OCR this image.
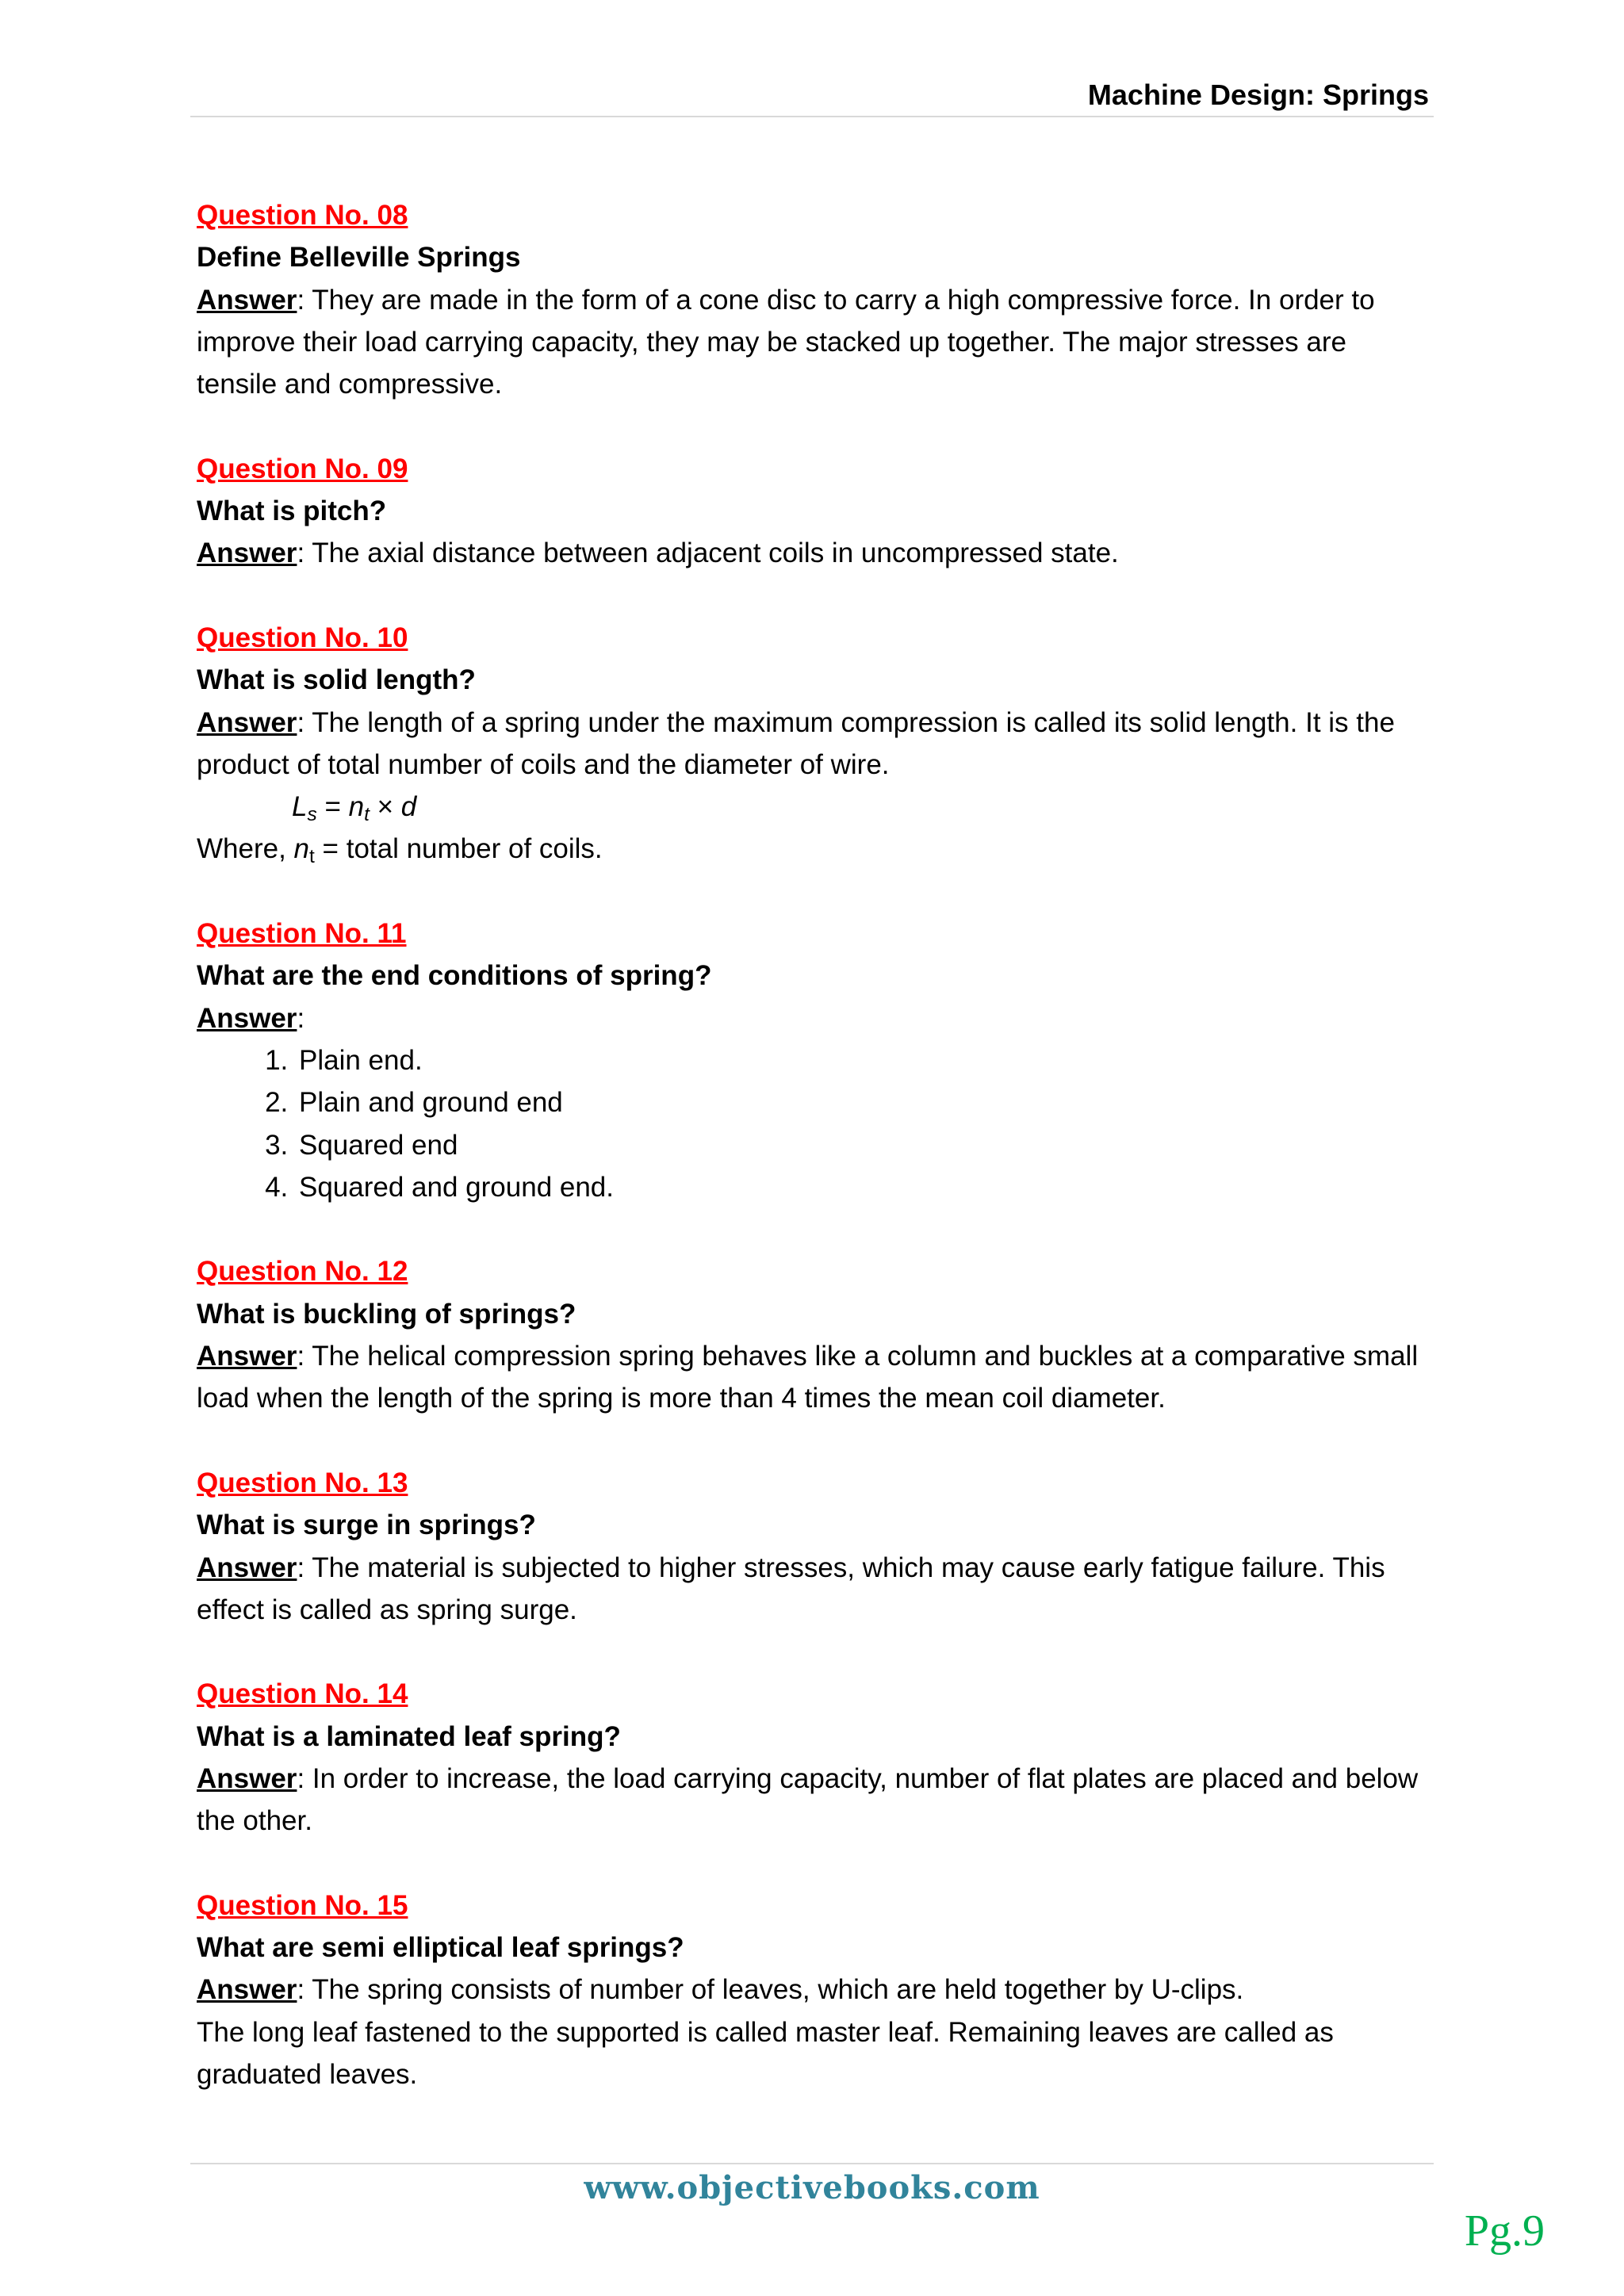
Machine Design: Springs
Question No. 08
Define Belleville Springs
Answer: They are made in the form of a cone disc to carry a high compressive force. In order to improve their load carrying capacity, they may be stacked up together. The major stresses are tensile and compressive.
Question No. 09
What is pitch?
Answer: The axial distance between adjacent coils in uncompressed state.
Question No. 10
What is solid length?
Answer: The length of a spring under the maximum compression is called its solid length. It is the product of total number of coils and the diameter of wire.
$L_s = n_t \times d$
Where, $n_t$ = total number of coils.
Question No. 11
What are the end conditions of spring?
Answer:
1. Plain end.
2. Plain and ground end
3. Squared end
4. Squared and ground end.
Question No. 12
What is buckling of springs?
Answer: The helical compression spring behaves like a column and buckles at a comparative small load when the length of the spring is more than 4 times the mean coil diameter.
Question No. 13
What is surge in springs?
Answer: The material is subjected to higher stresses, which may cause early fatigue failure. This effect is called as spring surge.
Question No. 14
What is a laminated leaf spring?
Answer: In order to increase, the load carrying capacity, number of flat plates are placed and below the other.
Question No. 15
What are semi elliptical leaf springs?
Answer: The spring consists of number of leaves, which are held together by U-clips.
The long leaf fastened to the supported is called master leaf. Remaining leaves are called as graduated leaves.
www.objectivebooks.com
Pg.9
